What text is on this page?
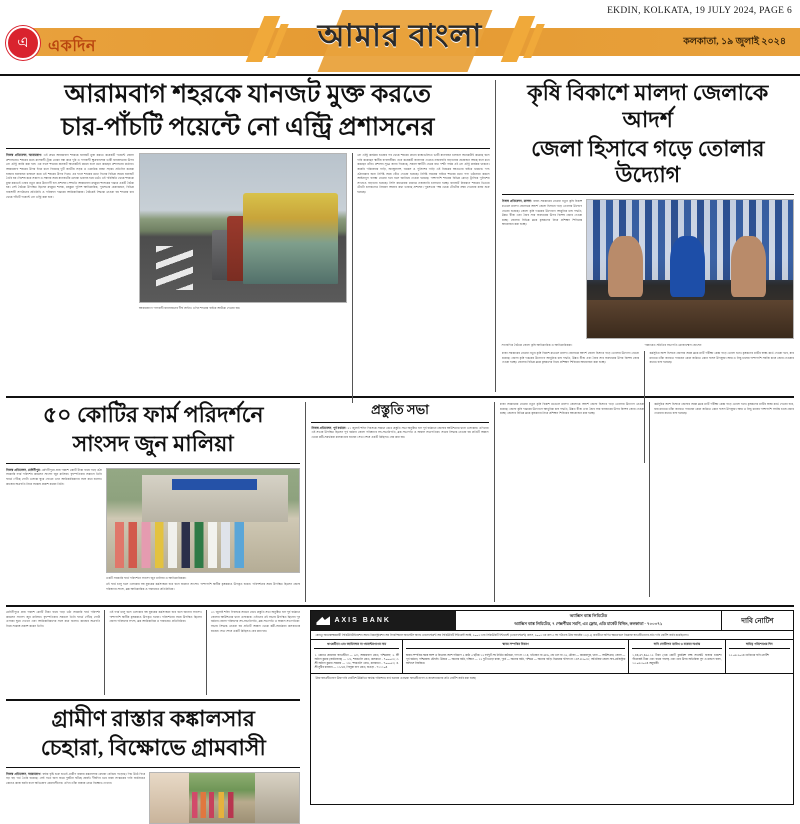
EKDIN, KOLKATA, 19 JULY 2024, PAGE 6
এ একদিন	আমার বাংলা	কলকাতা, ১৯ জুলাই ২০২৪
আরামবাগ শহরকে যানজট মুক্ত করতে
চার-পাঁচটি পয়েন্টে নো এন্ট্রি প্রশাসনের
নিজস্ব প্রতিবেদন, আরামবাগ: এই প্রথম আরামবাগ শহরকে যানজট মুক্ত করতে কয়েকটি পয়েন্টে জেলা প্রশাসনের। শহরের মধ্যে মালবাহী ট্রাক ঢোকা বন্ধ করে দূরি ও পণ্যবাহী ক্ষুদ্রব্যবসায় ভারী যানবাহনের উপর নো এন্ট্রি জারি করা হল। এর ফলে শহরের যানজট অনেকটাই কমবে বলে মনে করছেন প্রশাসনের কর্তারা। আরামবাগ শহরের উপর দিয়ে চলে গিয়েছে দুটি জাতীয় সড়ক ও একাধিক রাজ্য সড়ক। প্রতিদিন কয়েক হাজার যানবাহন চলাচল করে এই শহরের উপর দিয়ে। এর ফলে শহরের মধ্যে দিনের বিভিন্ন সময়ে যানজট তৈরি হয়। বিশেষ করে সকাল ও সন্ধ্যার সময় যানজটের চেহারা ভয়াবহ হয়ে ওঠে। এই পরিস্থিতি থেকে শহরকে মুক্ত করতেই এবার নতুন করে উদ্যোগী হল প্রশাসন। সম্প্রতি আরামবাগ মহকুমা শাসকের দপ্তরে একটি বৈঠক হয়। সেই বৈঠকে উপস্থিত ছিলেন মহকুমা শাসক, মহকুমা পুলিশ আধিকারিক, পুরসভার চেয়ারম্যান, বিভিন্ন ব্যবসায়ী সংগঠনের প্রতিনিধি ও পরিবহণ দপ্তরের আধিকারিকরা। বৈঠকেই সিদ্ধান্ত নেওয়া হয় শহরের চার থেকে পাঁচটি পয়েন্টে নো এন্ট্রি করা হবে।
আরামবাগে পণ্যবাহী যানবাহনের দীর্ঘ লাইন। এদিন শহরের বাইরে আটকে দেওয়া হয়।
নো এন্ট্রি কার্যকর হওয়ার পর থেকে শহরের প্রধান রাস্তাগুলিতে ভারী যানবাহন চলাচল অনেকটাই কমেছে বলে দাবি করেছেন স্থানীয় ব্যবসায়ীরা। তবে কয়েকটি জায়গায় এখনও নজরদারি বাড়ানোর প্রয়োজন আছে বলে মনে করছেন তাঁরা। প্রশাসন সূত্রে জানা গিয়েছে, সকাল আটটা থেকে রাত দশটা পর্যন্ত এই নো এন্ট্রি কার্যকর থাকবে। জরুরি পরিষেবার গাড়ি, অ্যাম্বুল্যান্স, দমকল ও পুলিশের গাড়ি এই নিয়মের আওতার বাইরে থাকবে। পণ্য ওঠানামার জন্য নির্দিষ্ট সময় বেঁধে দেওয়া হয়েছে। নির্দিষ্ট সময়ের বাইরে শহরের মধ্যে পণ্য ওঠানামা করলে আইনানুগ ব্যবস্থা নেওয়া হবে বলে জানিয়ে দেওয়া হয়েছে। পাশাপাশি শহরের বিভিন্ন মোড়ে ট্রাফিক পুলিশের সংখ্যাও বাড়ানো হয়েছে। সিসি ক্যামেরার মাধ্যমে নজরদারি চালানো হচ্ছে। যানজট নিয়ন্ত্রণে শহরের ভিতরে টোটো চলাচলেও নিয়ন্ত্রণ আনার কথা ভাবছে প্রশাসন। পুরসভার পক্ষ থেকে টোটোর নম্বর দেওয়ার কাজ শুরু হয়েছে।
কৃষি বিকাশে মালদা জেলাকে আদর্শ
জেলা হিসাবে গড়ে তোলার উদ্যোগ
নিজস্ব প্রতিবেদন, মালদা: রাজ্য সরকারের নেওয়া নতুন কৃষি বিকাশ মডেলে মালদা জেলাকে আদর্শ জেলা হিসাবে গড়ে তোলার উদ্যোগ নেওয়া হয়েছে। জেলা কৃষি দপ্তরের উদ্যোগে আধুনিক চাষ পদ্ধতি, উন্নত বীজ এবং জৈব সার ব্যবহারের উপর বিশেষ জোর দেওয়া হচ্ছে। জেলার বিভিন্ন ব্লকে কৃষকদের নিয়ে প্রশিক্ষণ শিবিরের আয়োজন করা হচ্ছে।
সাংবাদিক বৈঠকে জেলা কৃষি আধিকারিক ও আধিকারিকরা।	পঞ্চায়েত সমিতির সভাপতি মোজাম্মেল হোসেন
রাজ্য সরকারের নেওয়া নতুন কৃষি বিকাশ মডেলে মালদা জেলাকে আদর্শ জেলা হিসাবে গড়ে তোলার উদ্যোগ নেওয়া হয়েছে। জেলা কৃষি দপ্তরের উদ্যোগে আধুনিক চাষ পদ্ধতি, উন্নত বীজ এবং জৈব সার ব্যবহারের উপর বিশেষ জোর দেওয়া হচ্ছে। জেলার বিভিন্ন ব্লকে কৃষকদের নিয়ে প্রশিক্ষণ শিবিরের আয়োজন করা হচ্ছে।
কর্মসূচির অংশ হিসাবে জেলার সমস্ত ব্লকে মাটি পরীক্ষা কেন্দ্র গড়ে তোলা হবে। কৃষকদের মাটির স্বাস্থ্য কার্ড দেওয়া হবে, যার মাধ্যমে তাঁরা জানতে পারবেন কোন জমিতে কোন ফসল উপযুক্ত। আম ও লিচু চাষের পাশাপাশি সবজি চাষে জোর দেওয়ার কথাও বলা হয়েছে।
৫০ কোটির ফার্ম পরিদর্শনে
সাংসদ জুন মালিয়া
নিজস্ব প্রতিবেদন, মেদিনীপুর: মেদিনীপুরে প্রায় পঞ্চাশ কোটি টাকা ব্যয়ে গড়ে ওঠা সরকারি ফার্ম পরিদর্শন করলেন সাংসদ জুন মালিয়া। বৃহস্পতিবার সকালে তিনি ফার্মে পৌঁছে গোটা এলাকা ঘুরে দেখেন এবং আধিকারিকদের সঙ্গে কথা বলেন। কাজের অগ্রগতি নিয়ে সন্তোষ প্রকাশ করেন তিনি।
একটি সরকারি ফার্ম পরিদর্শনে সাংসদ জুন মালিয়া ও আধিকারিকরা।
এই ফার্ম চালু হলে এলাকার বহু যুবকের কর্মসংস্থান হবে বলে জানান সাংসদ। পাশাপাশি স্থানীয় কৃষকরাও উপকৃত হবেন। পরিদর্শনের সময় উপস্থিত ছিলেন জেলা পরিষদের সদস্য, ব্লক আধিকারিক ও পঞ্চায়েত প্রতিনিধিরা।
প্রস্তুতি সভা
নিজস্ব প্রতিবেদন, পূর্ব বর্ধমান: ২১ জুলাই শহিদ দিবসকে সামনে রেখে প্রস্তুতি সভা অনুষ্ঠিত হল পূর্ব বর্ধমানে জেলার আউশগ্রাম থানা এলাকায়। এদিনের এই সভায় উপস্থিত ছিলেন পূর্ব বর্ধমান জেলা পরিষদের সহ-সভাধিপতি, ব্লক সভাপতি ও অঞ্চল সভাপতিরা। সভায় সিদ্ধান্ত নেওয়া হয় প্রতিটি অঞ্চল থেকে কর্মী-সমর্থকরা কলকাতায় যাবেন। সভা শেষে একটি মিছিলও বের করা হয়।
রাজ্য সরকারের নেওয়া নতুন কৃষি বিকাশ মডেলে মালদা জেলাকে আদর্শ জেলা হিসাবে গড়ে তোলার উদ্যোগ নেওয়া হয়েছে। জেলা কৃষি দপ্তরের উদ্যোগে আধুনিক চাষ পদ্ধতি, উন্নত বীজ এবং জৈব সার ব্যবহারের উপর বিশেষ জোর দেওয়া হচ্ছে। জেলার বিভিন্ন ব্লকে কৃষকদের নিয়ে প্রশিক্ষণ শিবিরের আয়োজন করা হচ্ছে।
কর্মসূচির অংশ হিসাবে জেলার সমস্ত ব্লকে মাটি পরীক্ষা কেন্দ্র গড়ে তোলা হবে। কৃষকদের মাটির স্বাস্থ্য কার্ড দেওয়া হবে, যার মাধ্যমে তাঁরা জানতে পারবেন কোন জমিতে কোন ফসল উপযুক্ত। আম ও লিচু চাষের পাশাপাশি সবজি চাষে জোর দেওয়ার কথাও বলা হয়েছে।
মেদিনীপুরে প্রায় পঞ্চাশ কোটি টাকা ব্যয়ে গড়ে ওঠা সরকারি ফার্ম পরিদর্শন করলেন সাংসদ জুন মালিয়া। বৃহস্পতিবার সকালে তিনি ফার্মে পৌঁছে গোটা এলাকা ঘুরে দেখেন এবং আধিকারিকদের সঙ্গে কথা বলেন। কাজের অগ্রগতি নিয়ে সন্তোষ প্রকাশ করেন তিনি।
এই ফার্ম চালু হলে এলাকার বহু যুবকের কর্মসংস্থান হবে বলে জানান সাংসদ। পাশাপাশি স্থানীয় কৃষকরাও উপকৃত হবেন। পরিদর্শনের সময় উপস্থিত ছিলেন জেলা পরিষদের সদস্য, ব্লক আধিকারিক ও পঞ্চায়েত প্রতিনিধিরা।
২১ জুলাই শহিদ দিবসকে সামনে রেখে প্রস্তুতি সভা অনুষ্ঠিত হল পূর্ব বর্ধমানে জেলার আউশগ্রাম থানা এলাকায়। এদিনের এই সভায় উপস্থিত ছিলেন পূর্ব বর্ধমান জেলা পরিষদের সহ-সভাধিপতি, ব্লক সভাপতি ও অঞ্চল সভাপতিরা। সভায় সিদ্ধান্ত নেওয়া হয় প্রতিটি অঞ্চল থেকে কর্মী-সমর্থকরা কলকাতায় যাবেন। সভা শেষে একটি মিছিলও বের করা হয়।
গ্রামীণ রাস্তার কঙ্কালসার
চেহারা, বিক্ষোভে গ্রামবাসী
নিজস্ব প্রতিবেদন, আরামবাগ: বর্ষার বৃষ্টি শুরু হতেই গ্রামীণ রাস্তার কঙ্কালসার চেহারা বেরিয়ে পড়েছে। পিচ উঠে গিয়ে বড় বড় গর্ত তৈরি হয়েছে। সেই গর্তে জল জমে দুর্ঘটনা ঘটছে প্রায়ই। দীর্ঘদিন ধরে রাস্তা সংস্কারের দাবি জানিয়েও কোনও কাজ হয়নি বলে অভিযোগ গ্রামবাসীদের। এদিন তাঁরা রাস্তায় নেমে বিক্ষোভ দেখান।
AXIS BANK
অ্যাক্সিস ব্যাঙ্ক লিমিটেড
অ্যাক্সিস ব্যাঙ্ক লিমিটেড, ৭ শেক্সপীয়র সরণি, এম ফ্লোর, এডি মার্কেট বিল্ডিং, কলকাতা - ৭০০০৭১	দাবি নোটিশ
যেহেতু অধোস্বাক্ষরকারী সিকিউরিটাইজেশন অ্যান্ড রিকনস্ট্রাকশন অব ফিনান্সিয়াল অ্যাসেটস অ্যান্ড এনফোর্সমেন্ট অব সিকিউরিটি ইন্টারেস্ট অ্যাক্ট, ২০০২ এবং সিকিউরিটি ইন্টারেস্ট (এনফোর্সমেন্ট) রুলস, ২০০২ এর রুল ৩ সহ পঠিতব্য উক্ত অ্যাক্টের ১৩(১২) ধারাধীনে অর্পিত ক্ষমতাবলে নিম্নোক্ত ঋণগ্রহীতাদের প্রতি দাবি নোটিশ জারি করেছিলেন।
ঋণগ্রহীতা এবং জামিনদার বা গ্যারান্টরগণের নাম
১. কোনও প্রযোজ্য ঋণগ্রহীতা — ২/৩, আরামবাগ রোড, পশ্চিমবঙ্গ; ২. শ্রী অনিল কুমার (জামিনদার) — ১/২, শহরতলি রোড, কলকাতা - ৭০০০৫৩; ৩. শ্রী অনিল কুমার সরকার — ১/২, শহরতলি রোড, কলকাতা - ৭০০০৫৩; ৪. শ্রী সুধীর রায়হান — ১১/২৪, লিলুয়া বাগ রোড, হাওড়া - ৭১১১০৪
স্থাবর সম্পত্তির বিবরণ
স্থাবর সম্পত্তির সমস্ত অংশ ও বিভাজ্য অংশ পরিমাপ ২ কাঠা ৫ ছটাক ১২ বর্গফুট সহ নির্মিত কাঠামো, দাগ নং ১১৪, খতিয়ান নং ৬৮৬, জে এল নং ৩২, মৌজা — রামচন্দ্রপুর, থানা — আউশগ্রাম, জেলা — পূর্ব বর্ধমান, পশ্চিমবঙ্গ। চৌহদ্দি: উত্তরে — অন্যের জমি, দক্ষিণে — ১২ ফুট চওড়া রাস্তা, পূর্বে — অন্যের জমি, পশ্চিমে — অন্যের বাড়ি। বিক্রয়ের দলিল নং ১৪৭২/২০১৮, অতিরিক্ত জেলা সাব-রেজিস্ট্রার অফিসে নিবন্ধিত।
দাবি নোটিশের তারিখ ও বকেয়া অর্থাঙ্ক
১,৪৪,৬৭,৪৯৫.১২ টাকা (এক কোটি চুয়াল্লিশ লক্ষ সাতষট্টি হাজার চারশো পঁচানব্বই টাকা এবং বারো পয়সা) এবং তার উপর অতিরিক্ত সুদ ও মাশুল বাবদ, ১৫.০৬.২০২৪ অনুযায়ী।
দায়িত্ব পরিশোধের দিন
১৫.০৬.২০২৪ তারিখের দাবি নোটিশ
উক্ত ঋণগ্রহীতাগণ উক্ত দাবি নোটিশে উল্লিখিত অর্থাঙ্ক পরিশোধে ব্যর্থ হওয়ায় এতদ্বারা ঋণগ্রহীতাগণ ও জনসাধারণের প্রতি নোটিশ জারি করা হচ্ছে।
